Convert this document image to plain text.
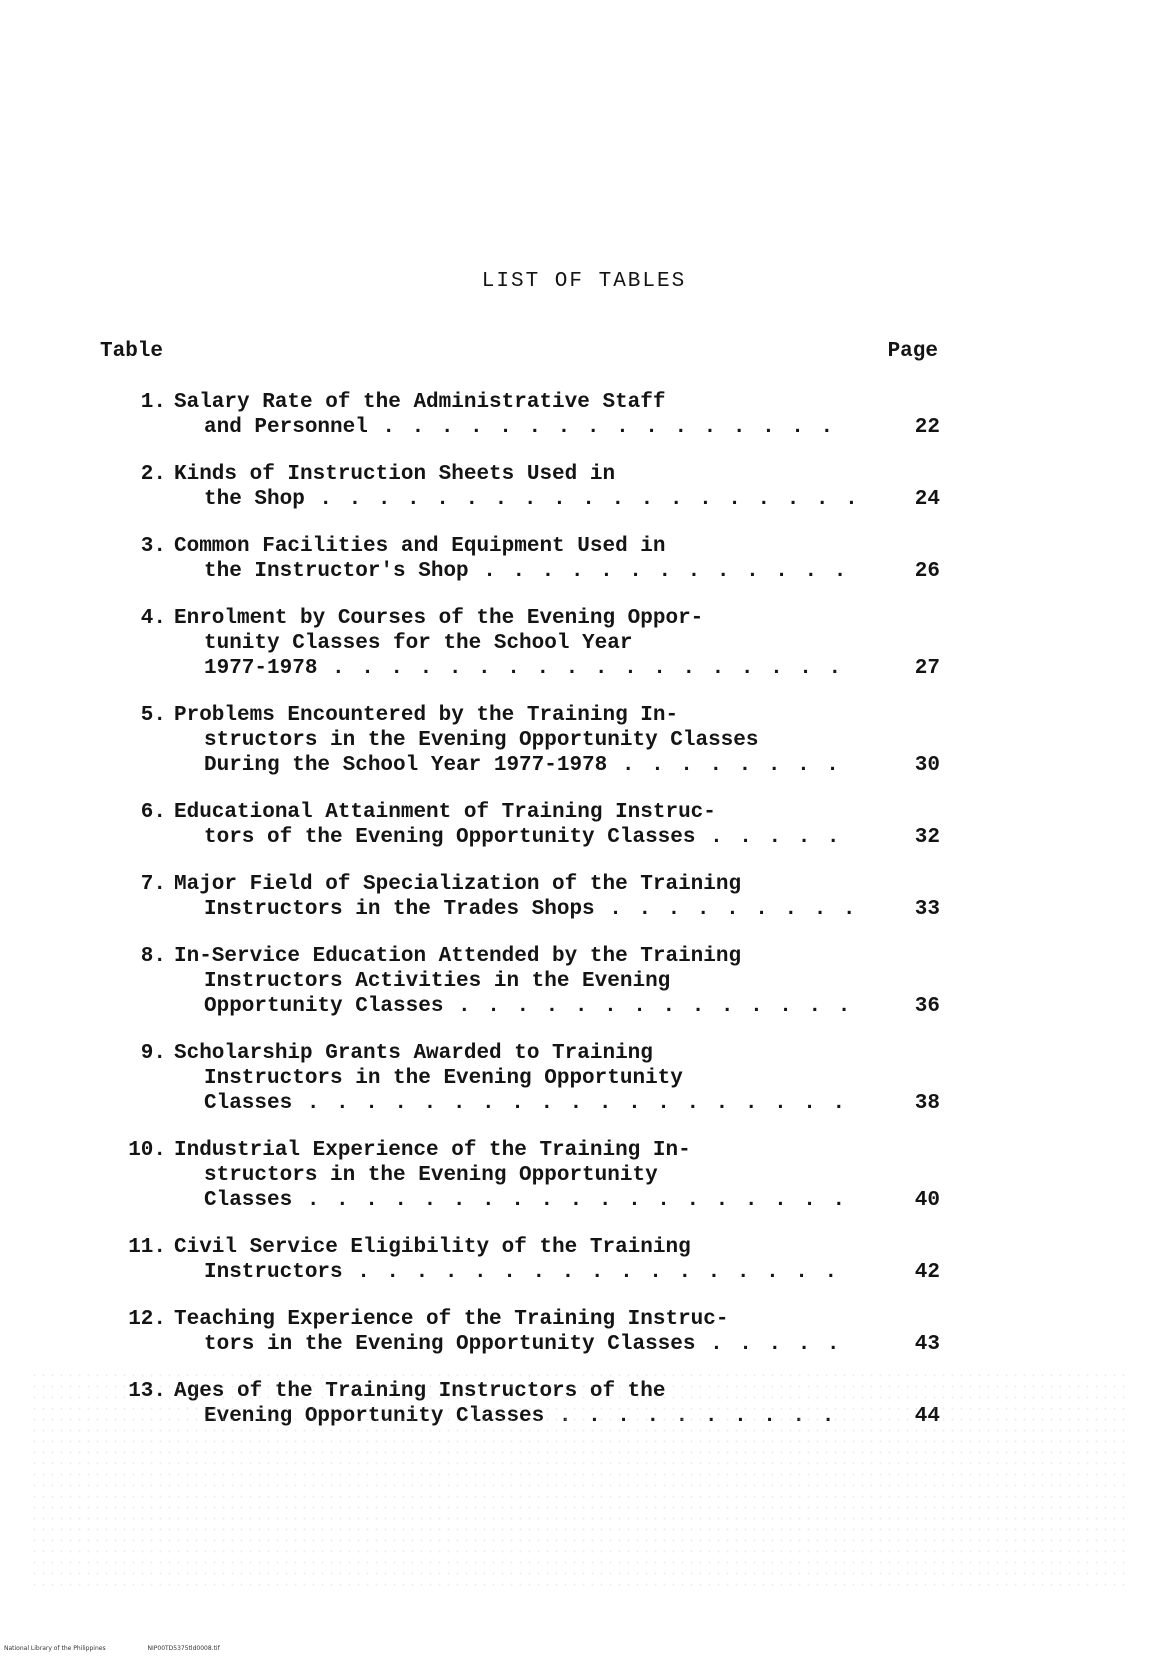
LIST OF TABLES
Table	Page
1. Salary Rate of the Administrative Staff
and Personnel . . .	22
2. Kinds of Instruction Sheets Used in
the Shop . . .	24
3. Common Facilities and Equipment Used in
the Instructor's Shop . . .	26
4. Enrolment by Courses of the Evening Oppor-
tunity Classes for the School Year
1977-1978 . . .	27
5. Problems Encountered by the Training In-
structors in the Evening Opportunity Classes
During the School Year 1977-1978 . . .	30
6. Educational Attainment of Training Instruc-
tors of the Evening Opportunity Classes . . .	32
7. Major Field of Specialization of the Training
Instructors in the Trades Shops . . .	33
8. In-Service Education Attended by the Training
Instructors Activities in the Evening
Opportunity Classes . . .	36
9. Scholarship Grants Awarded to Training
Instructors in the Evening Opportunity
Classes . . .	38
10. Industrial Experience of the Training In-
structors in the Evening Opportunity
Classes . . .	40
11. Civil Service Eligibility of the Training
Instructors . . .	42
12. Teaching Experience of the Training Instruc-
tors in the Evening Opportunity Classes . . .	43
13. Ages of the Training Instructors of the
Evening Opportunity Classes . . .	44
National Library of the Philippines	NIP00TD5375tld0008.tif
